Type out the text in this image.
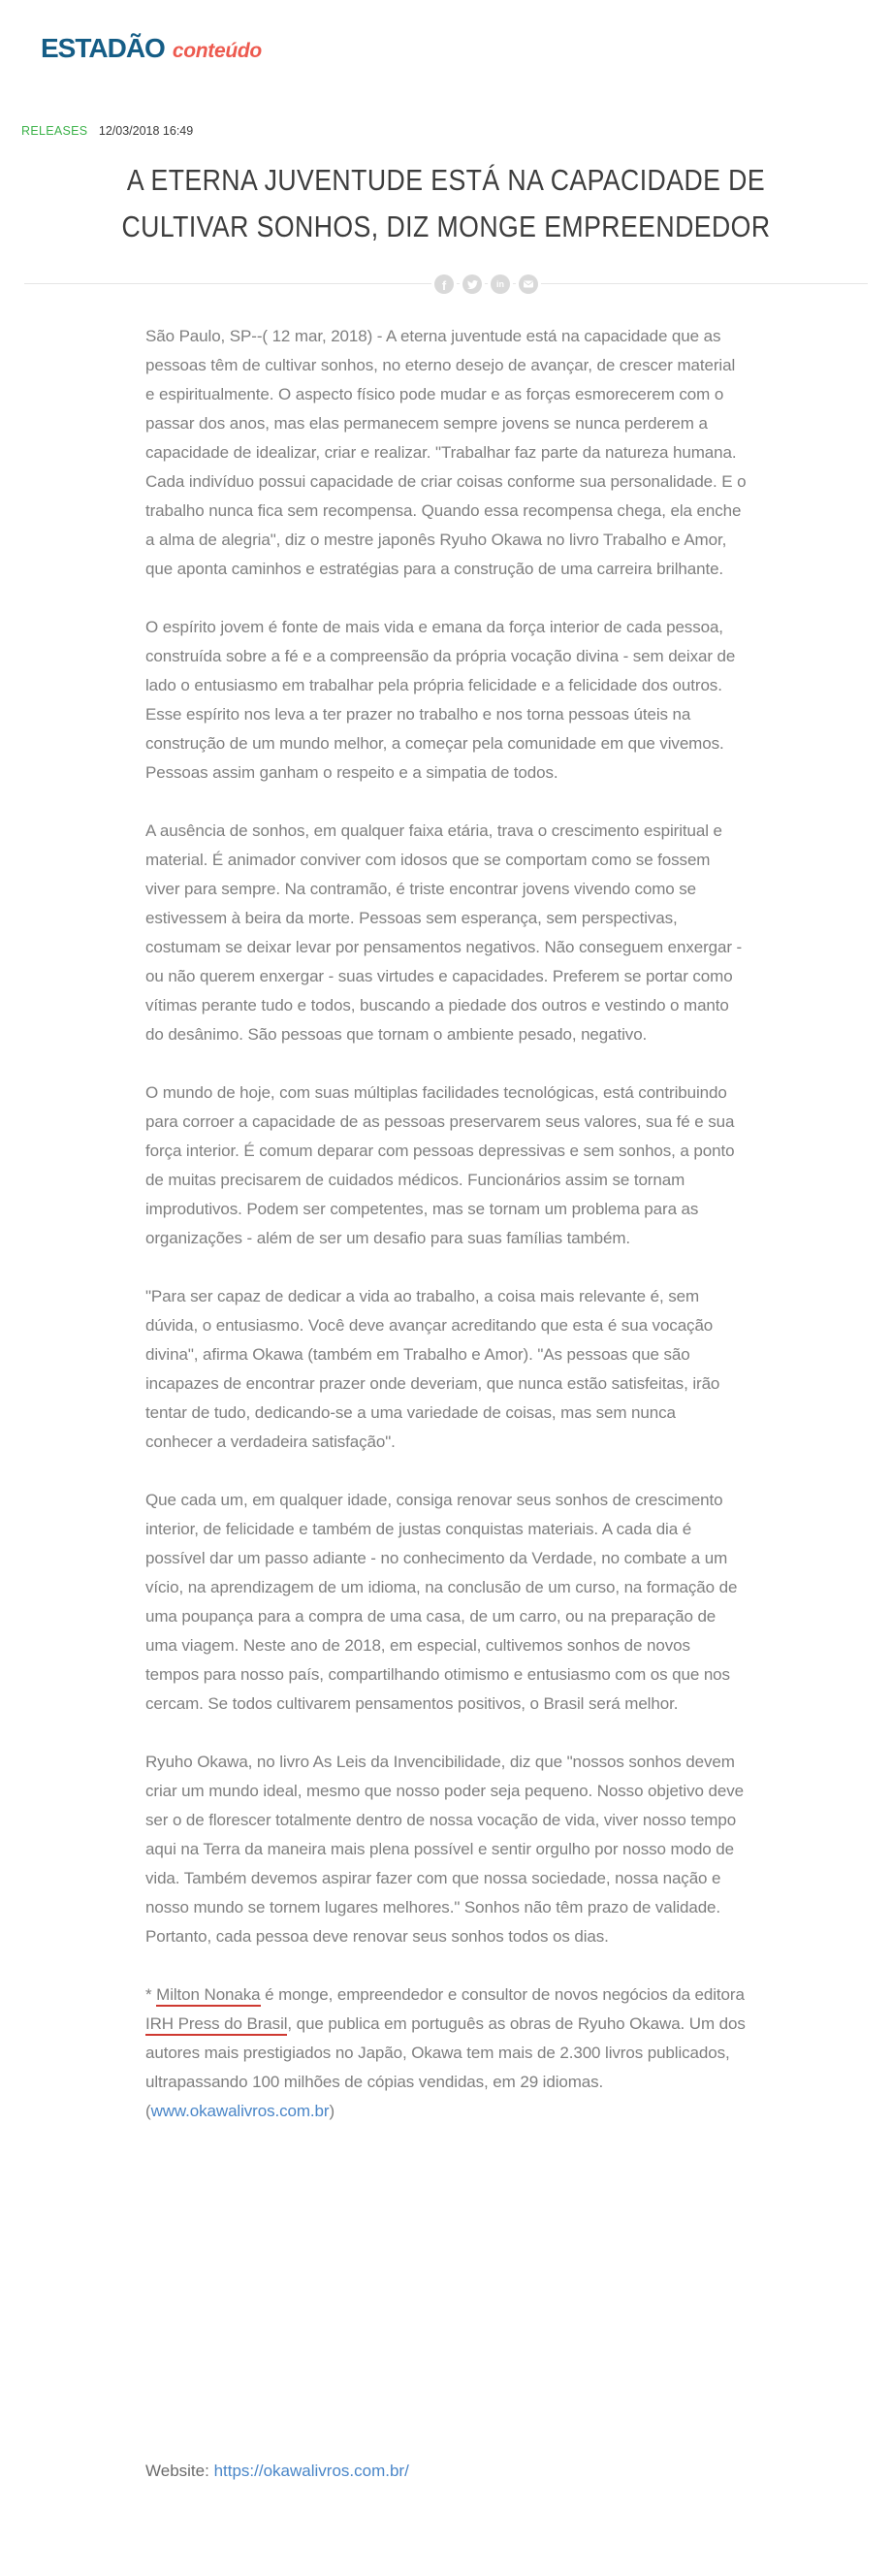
ESTADÃO conteúdo
RELEASES 12/03/2018 16:49
A ETERNA JUVENTUDE ESTÁ NA CAPACIDADE DE
CULTIVAR SONHOS, DIZ MONGE EMPREENDEDOR
f	in

São Paulo, SP--( 12 mar, 2018) - A eterna juventude está na capacidade que as pessoas têm de cultivar sonhos, no eterno desejo de avançar, de crescer material e espiritualmente. O aspecto físico pode mudar e as forças esmorecerem com o passar dos anos, mas elas permanecem sempre jovens se nunca perderem a capacidade de idealizar, criar e realizar. "Trabalhar faz parte da natureza humana. Cada indivíduo possui capacidade de criar coisas conforme sua personalidade. E o trabalho nunca fica sem recompensa. Quando essa recompensa chega, ela enche a alma de alegria", diz o mestre japonês Ryuho Okawa no livro Trabalho e Amor, que aponta caminhos e estratégias para a construção de uma carreira brilhante.

O espírito jovem é fonte de mais vida e emana da força interior de cada pessoa, construída sobre a fé e a compreensão da própria vocação divina - sem deixar de lado o entusiasmo em trabalhar pela própria felicidade e a felicidade dos outros. Esse espírito nos leva a ter prazer no trabalho e nos torna pessoas úteis na construção de um mundo melhor, a começar pela comunidade em que vivemos. Pessoas assim ganham o respeito e a simpatia de todos.

A ausência de sonhos, em qualquer faixa etária, trava o crescimento espiritual e material. É animador conviver com idosos que se comportam como se fossem viver para sempre. Na contramão, é triste encontrar jovens vivendo como se estivessem à beira da morte. Pessoas sem esperança, sem perspectivas, costumam se deixar levar por pensamentos negativos. Não conseguem enxergar - ou não querem enxergar - suas virtudes e capacidades. Preferem se portar como vítimas perante tudo e todos, buscando a piedade dos outros e vestindo o manto do desânimo. São pessoas que tornam o ambiente pesado, negativo.

O mundo de hoje, com suas múltiplas facilidades tecnológicas, está contribuindo para corroer a capacidade de as pessoas preservarem seus valores, sua fé e sua força interior. É comum deparar com pessoas depressivas e sem sonhos, a ponto de muitas precisarem de cuidados médicos. Funcionários assim se tornam improdutivos. Podem ser competentes, mas se tornam um problema para as organizações - além de ser um desafio para suas famílias também.

"Para ser capaz de dedicar a vida ao trabalho, a coisa mais relevante é, sem dúvida, o entusiasmo. Você deve avançar acreditando que esta é sua vocação divina", afirma Okawa (também em Trabalho e Amor). "As pessoas que são incapazes de encontrar prazer onde deveriam, que nunca estão satisfeitas, irão tentar de tudo, dedicando-se a uma variedade de coisas, mas sem nunca conhecer a verdadeira satisfação".

Que cada um, em qualquer idade, consiga renovar seus sonhos de crescimento interior, de felicidade e também de justas conquistas materiais. A cada dia é possível dar um passo adiante - no conhecimento da Verdade, no combate a um vício, na aprendizagem de um idioma, na conclusão de um curso, na formação de uma poupança para a compra de uma casa, de um carro, ou na preparação de uma viagem. Neste ano de 2018, em especial, cultivemos sonhos de novos tempos para nosso país, compartilhando otimismo e entusiasmo com os que nos cercam. Se todos cultivarem pensamentos positivos, o Brasil será melhor.

Ryuho Okawa, no livro As Leis da Invencibilidade, diz que "nossos sonhos devem criar um mundo ideal, mesmo que nosso poder seja pequeno. Nosso objetivo deve ser o de florescer totalmente dentro de nossa vocação de vida, viver nosso tempo aqui na Terra da maneira mais plena possível e sentir orgulho por nosso modo de vida. Também devemos aspirar fazer com que nossa sociedade, nossa nação e nosso mundo se tornem lugares melhores." Sonhos não têm prazo de validade. Portanto, cada pessoa deve renovar seus sonhos todos os dias.

* Milton Nonaka é monge, empreendedor e consultor de novos negócios da editora IRH Press do Brasil, que publica em português as obras de Ryuho Okawa. Um dos autores mais prestigiados no Japão, Okawa tem mais de 2.300 livros publicados, ultrapassando 100 milhões de cópias vendidas, em 29 idiomas. (www.okawalivros.com.br)

Website: https://okawalivros.com.br/
